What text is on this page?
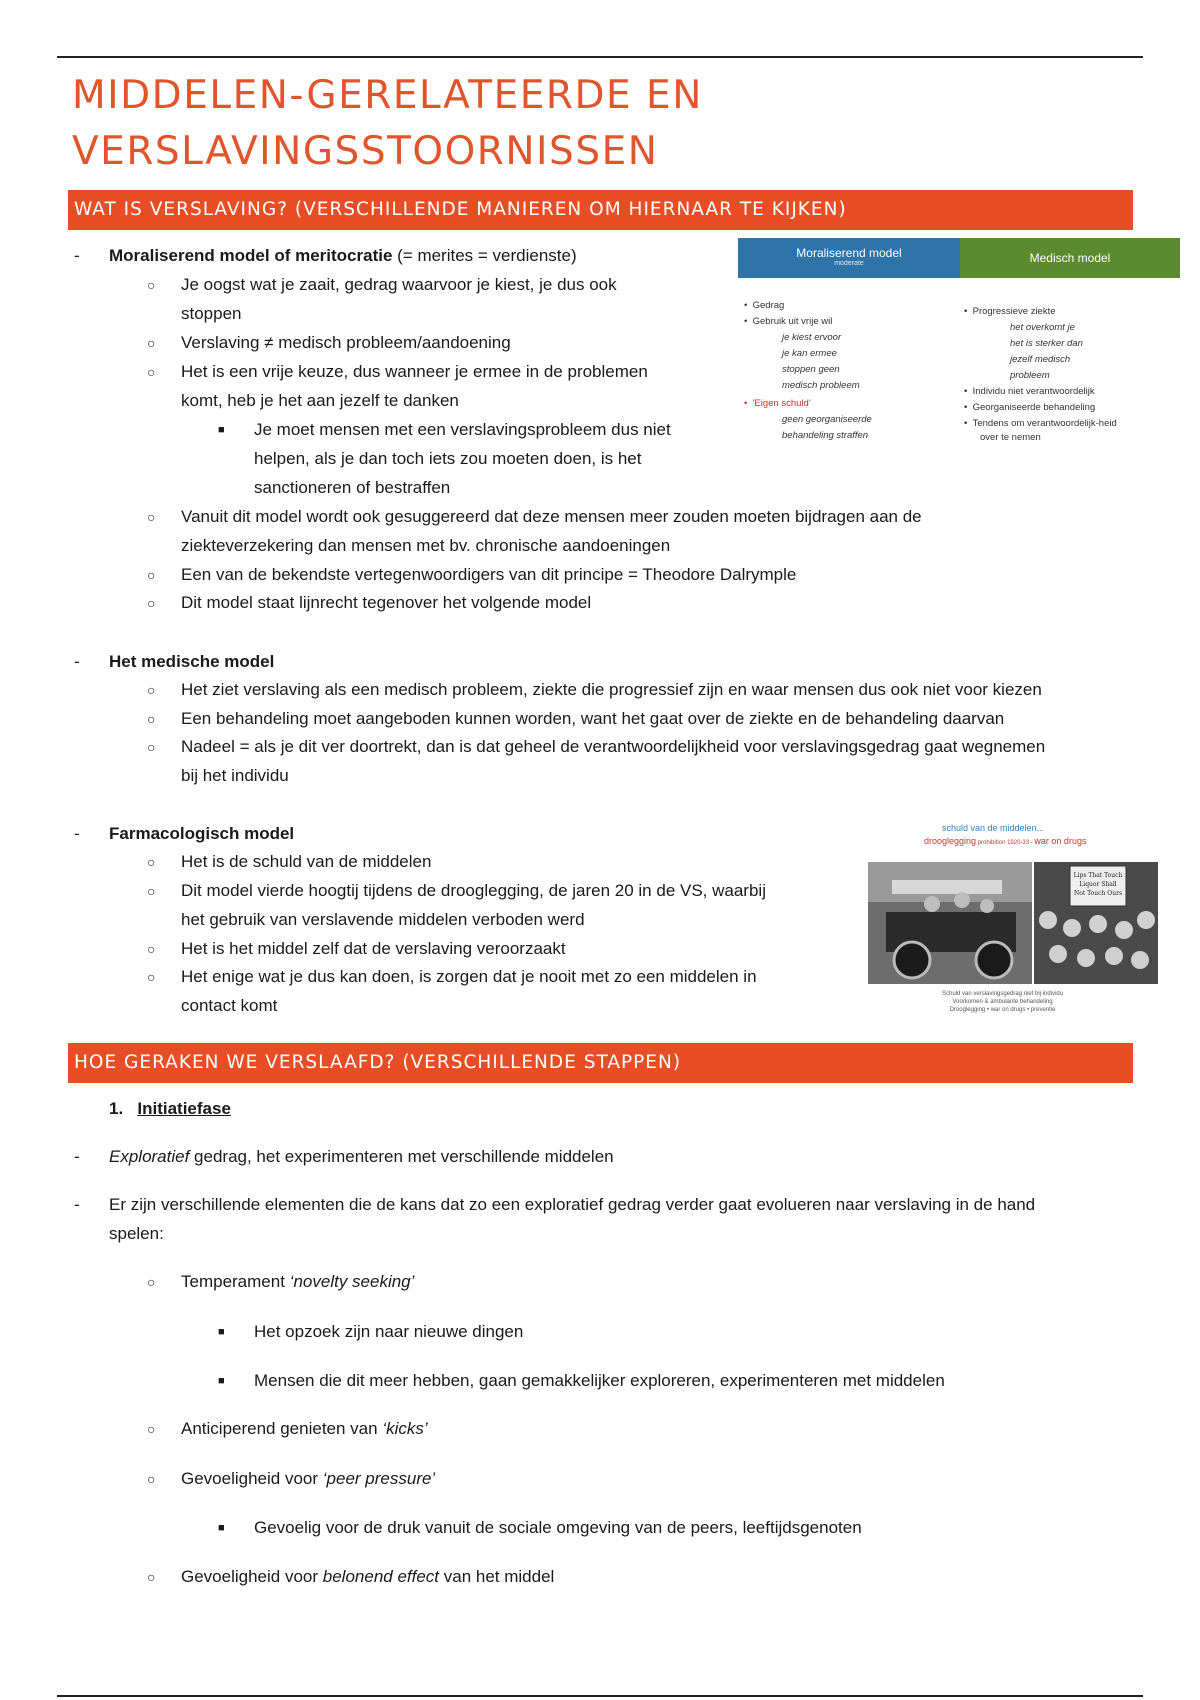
MIDDELEN-GERELATEERDE EN
VERSLAVINGSSTOORNISSEN
WAT IS VERSLAVING? (VERSCHILLENDE MANIEREN OM HIERNAAR TE KIJKEN)
- Moraliserend model of meritocratie (= merites = verdienste)
○ Je oogst wat je zaait, gedrag waarvoor je kiest, je dus ook
stoppen
○ Verslaving ≠ medisch probleem/aandoening
○ Het is een vrije keuze, dus wanneer je ermee in de problemen
komt, heb je het aan jezelf te danken
■ Je moet mensen met een verslavingsprobleem dus niet
helpen, als je dan toch iets zou moeten doen, is het
sanctioneren of bestraffen
○ Vanuit dit model wordt ook gesuggereerd dat deze mensen meer zouden moeten bijdragen aan de
ziekteverzekering dan mensen met bv. chronische aandoeningen
○ Een van de bekendste vertegenwoordigers van dit principe = Theodore Dalrymple
○ Dit model staat lijnrecht tegenover het volgende model
Moraliserend model
moderate	Medisch model
•  Gedrag
•  Gebruik uit vrije wil
je kiest ervoor
je kan ermee
stoppen geen
medisch probleem
•  'Eigen schuld'
geen georganiseerde
behandeling straffen
•  Progressieve ziekte
het overkomt je
het is sterker dan
jezelf medisch
probleem
•  Individu niet verantwoordelijk
•  Georganiseerde behandeling
•  Tendens om verantwoordelijk-heid
over te nemen
- Het medische model
○ Het ziet verslaving als een medisch probleem, ziekte die progressief zijn en waar mensen dus ook niet voor kiezen
○ Een behandeling moet aangeboden kunnen worden, want het gaat over de ziekte en de behandeling daarvan
○ Nadeel = als je dit ver doortrekt, dan is dat geheel de verantwoordelijkheid voor verslavingsgedrag gaat wegnemen
bij het individu
- Farmacologisch model
○ Het is de schuld van de middelen
○ Dit model vierde hoogtij tijdens de drooglegging, de jaren 20 in de VS, waarbij
het gebruik van verslavende middelen verboden werd
○ Het is het middel zelf dat de verslaving veroorzaakt
○ Het enige wat je dus kan doen, is zorgen dat je nooit met zo een middelen in
contact komt
schuld van de middelen...
drooglegging prohibition 1920-33 - war on drugs
Lips That Touch
Liquor Shall
Not Touch Ours
Schuld van verslavingsgedrag niet bij individu
Voorkomen & ambulante behandeling
Drooglegging • war on drugs • preventie
HOE GERAKEN WE VERSLAAFD? (VERSCHILLENDE STAPPEN)
1. Initiatiefase
- Exploratief gedrag, het experimenteren met verschillende middelen
- Er zijn verschillende elementen die de kans dat zo een exploratief gedrag verder gaat evolueren naar verslaving in de hand
spelen:
○ Temperament ‘novelty seeking’
■ Het opzoek zijn naar nieuwe dingen
■ Mensen die dit meer hebben, gaan gemakkelijker exploreren, experimenteren met middelen
○ Anticiperend genieten van ‘kicks’
○ Gevoeligheid voor ‘peer pressure’
■ Gevoelig voor de druk vanuit de sociale omgeving van de peers, leeftijdsgenoten
○ Gevoeligheid voor belonend effect van het middel
